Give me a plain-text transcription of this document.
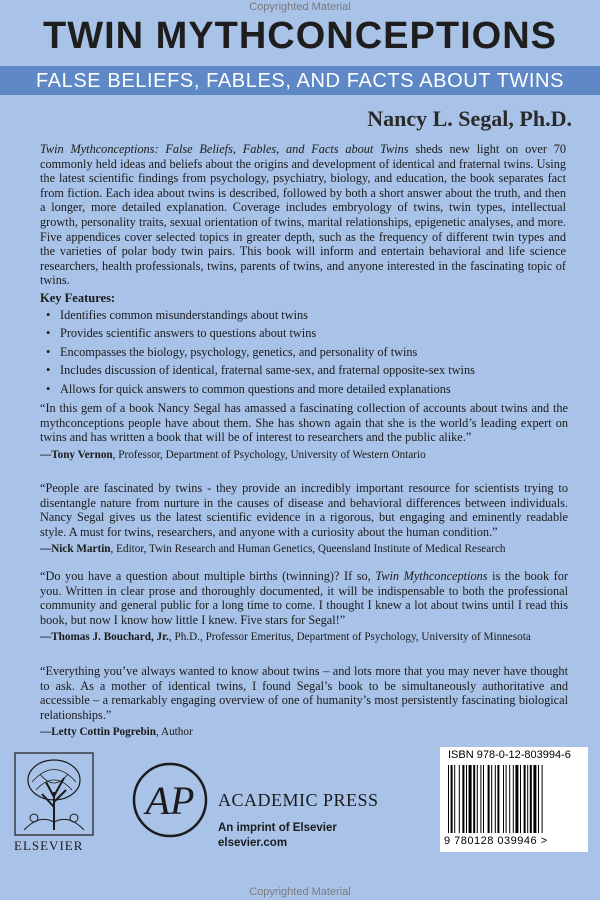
Copyrighted Material
TWIN MYTHCONCEPTIONS
FALSE BELIEFS, FABLES, AND FACTS ABOUT TWINS
Nancy L. Segal, Ph.D.

Twin Mythconceptions: False Beliefs, Fables, and Facts about Twins sheds new light on over 70 commonly held ideas and beliefs about the origins and development of identical and fraternal twins. Using the latest scientific findings from psychology, psychiatry, biology, and education, the book separates fact from fiction. Each idea about twins is described, followed by both a short answer about the truth, and then a longer, more detailed explanation. Coverage includes embryology of twins, twin types, intellectual growth, personality traits, sexual orientation of twins, marital relationships, epigenetic analyses, and more. Five appendices cover selected topics in greater depth, such as the frequency of different twin types and the varieties of polar body twin pairs. This book will inform and entertain behavioral and life science researchers, health professionals, twins, parents of twins, and anyone interested in the fascinating topic of twins.

Key Features:
• Identifies common misunderstandings about twins
• Provides scientific answers to questions about twins
• Encompasses the biology, psychology, genetics, and personality of twins
• Includes discussion of identical, fraternal same-sex, and fraternal opposite-sex twins
• Allows for quick answers to common questions and more detailed explanations

“In this gem of a book Nancy Segal has amassed a fascinating collection of accounts about twins and the mythconceptions people have about them. She has shown again that she is the world’s leading expert on twins and has written a book that will be of interest to researchers and the public alike.”

—Tony Vernon, Professor, Department of Psychology, University of Western Ontario

“People are fascinated by twins - they provide an incredibly important resource for scientists trying to disentangle nature from nurture in the causes of disease and behavioral differences between individuals. Nancy Segal gives us the latest scientific evidence in a rigorous, but engaging and eminently readable style. A must for twins, researchers, and anyone with a curiosity about the human condition.”

—Nick Martin, Editor, Twin Research and Human Genetics, Queensland Institute of Medical Research

“Do you have a question about multiple births (twinning)? If so, Twin Mythconceptions is the book for you. Written in clear prose and thoroughly documented, it will be indispensable to both the professional community and general public for a long time to come. I thought I knew a lot about twins until I read this book, but now I know how little I knew. Five stars for Segal!”

—Thomas J. Bouchard, Jr., Ph.D., Professor Emeritus, Department of Psychology, University of Minnesota

“Everything you’ve always wanted to know about twins – and lots more that you may never have thought to ask. As a mother of identical twins, I found Segal’s book to be simultaneously authoritative and accessible – a remarkably engaging overview of one of humanity’s most persistently fascinating biological relationships.”

—Letty Cottin Pogrebin, Author
ELSEVIER
AP ACADEMIC PRESS
An imprint of Elsevier
elsevier.com
ISBN 978-0-12-803994-6
9 780128 039946 >
Copyrighted Material
